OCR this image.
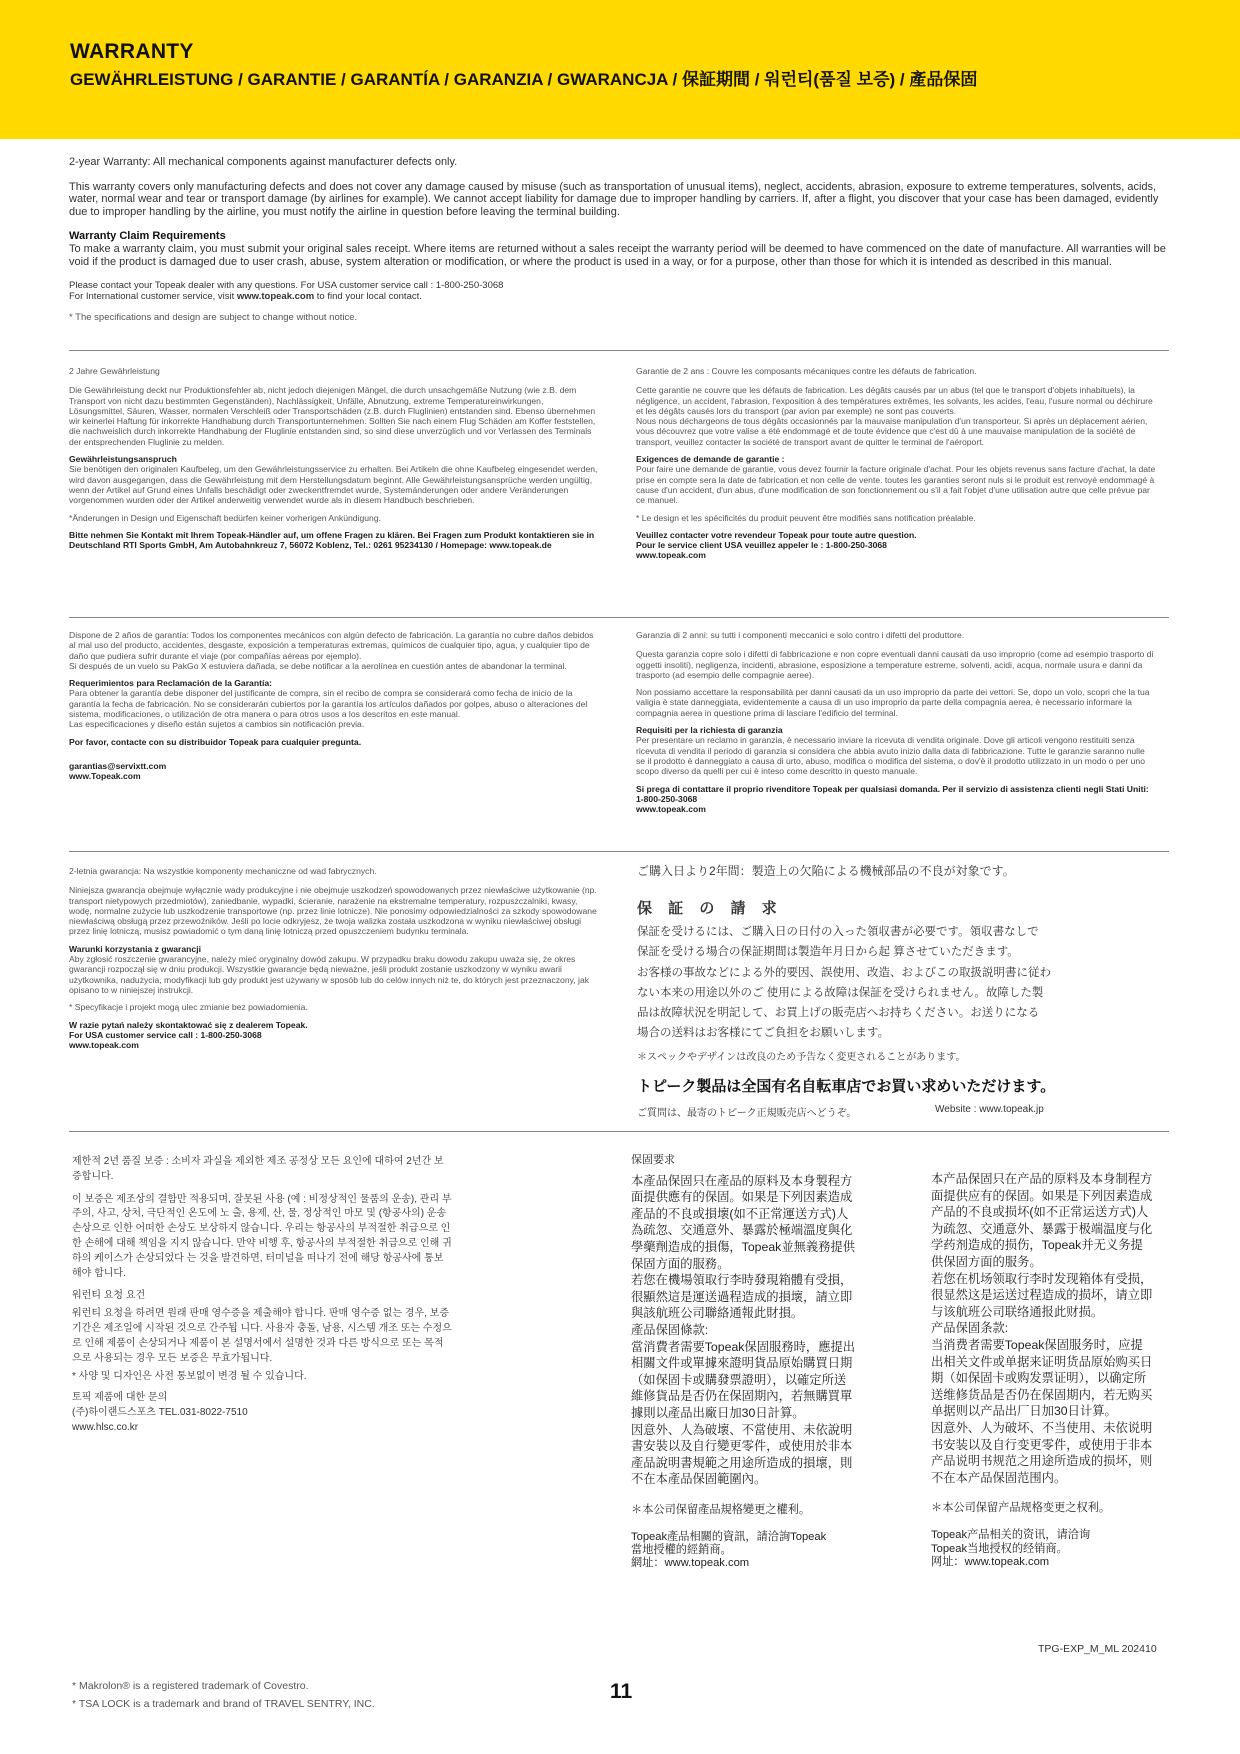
WARRANTY
GEWÄHRLEISTUNG / GARANTIE / GARANTÍA / GARANZIA / GWARANCJA / 保証期間 / 워런티(품질 보증) / 產品保固

2-year Warranty: All mechanical components against manufacturer defects only.

This warranty covers only manufacturing defects and does not cover any damage caused by misuse (such as transportation of unusual items), neglect, accidents, abrasion, exposure to extreme temperatures, solvents, acids, water, normal wear and tear or transport damage (by airlines for example). We cannot accept liability for damage due to improper handling by carriers. If, after a flight, you discover that your case has been damaged, evidently due to improper handling by the airline, you must notify the airline in question before leaving the terminal building.

Warranty Claim Requirements

To make a warranty claim, you must submit your original sales receipt. Where items are returned without a sales receipt the warranty period will be deemed to have commenced on the date of manufacture. All warranties will be void if the product is damaged due to user crash, abuse, system alteration or modification, or where the product is used in a way, or for a purpose, other than those for which it is intended as described in this manual.

Please contact your Topeak dealer with any questions. For USA customer service call : 1-800-250-3068

For International customer service, visit www.topeak.com to find your local contact.

* The specifications and design are subject to change without notice.

2 Jahre Gewährleistung

Die Gewährleistung deckt nur Produktionsfehler ab, nicht jedoch diejenigen Mängel, die durch unsachgemäße Nutzung (wie z.B. dem Transport von nicht dazu bestimmten Gegenständen), Nachlässigkeit, Unfälle, Abnutzung, extreme Temperatureinwirkungen, Lösungsmittel, Säuren, Wasser, normalen Verschleiß oder Transportschäden (z.B. durch Fluglinien) entstanden sind. Ebenso übernehmen wir keinerlei Haftung für inkorrekte Handhabung durch Transportunternehmen. Sollten Sie nach einem Flug Schäden am Koffer feststellen, die nachweislich durch inkorrekte Handhabung der Fluglinie entstanden sind, so sind diese unverzüglich und vor Verlassen des Terminals der entsprechenden Fluglinie zu melden.

Gewährleistungsanspruch

Sie benötigen den originalen Kaufbeleg, um den Gewährleistungsservice zu erhalten. Bei Artikeln die ohne Kaufbeleg eingesendet werden, wird davon ausgegangen, dass die Gewährleistung mit dem Herstellungsdatum beginnt. Alle Gewährleistungsansprüche werden ungültig, wenn der Artikel auf Grund eines Unfalls beschädigt oder zweckentfremdet wurde, Systemänderungen oder andere Veränderungen vorgenommen wurden oder der Artikel anderweitig verwendet wurde als in diesem Handbuch beschrieben.

*Änderungen in Design und Eigenschaft bedürfen keiner vorherigen Ankündigung.

Bitte nehmen Sie Kontakt mit Ihrem Topeak-Händler auf, um offene Fragen zu klären. Bei Fragen zum Produkt kontaktieren sie in Deutschland RTI Sports GmbH, Am Autobahnkreuz 7, 56072 Koblenz, Tel.: 0261 95234130 / Homepage: www.topeak.de

Garantie de 2 ans : Couvre les composants mécaniques contre les défauts de fabrication.

Cette garantie ne couvre que les défauts de fabrication. Les dégâts causés par un abus (tel que le transport d'objets inhabituels), la négligence, un accident, l'abrasion, l'exposition à des températures extrêmes, les solvants, les acides, l'eau, l'usure normal ou déchirure et les dégâts causés lors du transport (par avion par exemple) ne sont pas couverts.

Nous nous déchargeons de tous dégâts occasionnés par la mauvaise manipulation d'un transporteur. Si après un déplacement aérien, vous découvrez que votre valise a été endommagé et de toute évidence que c'est dû à une mauvaise manipulation de la société de transport, veuillez contacter la société de transport avant de quitter le terminal de l'aéroport.

Exigences de demande de garantie :

Pour faire une demande de garantie, vous devez fournir la facture originale d'achat. Pour les objets revenus sans facture d'achat, la date prise en compte sera la date de fabrication et non celle de vente. toutes les garanties seront nuls si le produit est renvoyé endommagé à cause d'un accident, d'un abus, d'une modification de son fonctionnement ou s'il a fait l'objet d'une utilisation autre que celle prévue par ce manuel.

* Le design et les spécificités du produit peuvent être modifiés sans notification préalable.

Veuillez contacter votre revendeur Topeak pour toute autre question.
Pour le service client USA veuillez appeler le : 1-800-250-3068
www.topeak.com

Dispone de 2 años de garantía: Todos los componentes mecánicos con algún defecto de fabricación. La garantía no cubre daños debidos al mal uso del producto, accidentes, desgaste, exposición a temperaturas extremas, químicos de cualquier tipo, agua, y cualquier tipo de daño que pudiera sufrir durante el viaje (por compañías aéreas por ejemplo).

Si después de un vuelo su PakGo X estuviera dañada, se debe notificar a la aerolínea en cuestión antes de abandonar la terminal.

Requerimientos para Reclamación de la Garantía:

Para obtener la garantía debe disponer del justificante de compra, sin el recibo de compra se considerará como fecha de inicio de la garantía la fecha de fabricación. No se considerarán cubiertos por la garantía los artículos dañados por golpes, abuso o alteraciones del sistema, modificaciones, o utilización de otra manera o para otros usos a los descritos en este manual.

Las especificaciones y diseño están sujetos a cambios sin notificación previa.

Por favor, contacte con su distribuidor Topeak para cualquier pregunta.

garantias@servixtt.com

www.Topeak.com

Garanzia di 2 anni: su tutti i componenti meccanici e solo contro i difetti del produttore.

Questa garanzia copre solo i difetti di fabbricazione e non copre eventuali danni causati da uso improprio (come ad esempio trasporto di oggetti insoliti), negligenza, incidenti, abrasione, esposizione a temperature estreme, solventi, acidi, acqua, normale usura e danni da trasporto (ad esempio delle compagnie aeree).

Non possiamo accettare la responsabilità per danni causati da un uso improprio da parte dei vettori. Se, dopo un volo, scopri che la tua valigia è state danneggiata, evidentemente a causa di un uso improprio da parte della compagnia aerea, è necessario informare la compagnia aerea in questione prima di lasciare l'edificio del terminal.

Requisiti per la richiesta di garanzia

Per presentare un reclamo in garanzia, è necessario inviare la ricevuta di vendita originale. Dove gli articoli vengono restituiti senza ricevuta di vendita il periodo di garanzia si considera che abbia avuto inizio dalla data di fabbricazione. Tutte le garanzie saranno nulle se il prodotto è danneggiato a causa di urto, abuso, modifica o modifica del sistema, o dov'è il prodotto utilizzato in un modo o per uno scopo diverso da quelli per cui è inteso come descritto in questo manuale.

Si prega di contattare il proprio rivenditore Topeak per qualsiasi domanda. Per il servizio di assistenza clienti negli Stati Uniti: 1-800-250-3068
www.topeak.com

2-letnia gwarancja: Na wszystkie komponenty mechaniczne od wad fabrycznych.

Niniejsza gwarancja obejmuje wyłącznie wady produkcyjne i nie obejmuje uszkodzeń spowodowanych przez niewłaściwe użytkowanie (np. transport nietypowych przedmiotów), zaniedbanie, wypadki, ścieranie, narażenie na ekstremalne temperatury, rozpuszczalniki, kwasy, wodę, normalne zużycie lub uszkodzenie transportowe (np. przez linie lotnicze). Nie ponosimy odpowiedzialności za szkody spowodowane niewłaściwą obsługą przez przewoźników. Jeśli po locie odkryjesz, że twoja walizka została uszkodzona w wyniku niewłaściwej obsługi przez linię lotniczą, musisz powiadomić o tym daną linię lotniczą przed opuszczeniem budynku terminala.

Warunki korzystania z gwarancji

Aby zgłosić roszczenie gwarancyjne, należy mieć oryginalny dowód zakupu. W przypadku braku dowodu zakupu uważa się, że okres gwarancji rozpoczął się w dniu produkcji. Wszystkie gwarancje będą nieważne, jeśli produkt zostanie uszkodzony w wyniku awarii użytkownika, nadużycia, modyfikacji lub gdy produkt jest używany w sposób lub do celów innych niż te, do których jest przeznaczony, jak opisano to w niniejszej instrukcji.

* Specyfikacje i projekt mogą ulec zmianie bez powiadomienia.

W razie pytań należy skontaktować się z dealerem Topeak.
For USA customer service call : 1-800-250-3068
www.topeak.com

ご購入日より2年間：製造上の欠陥による機械部品の不良が対象です。
保 証 の 請 求
保証を受けるには、ご購入日の日付の入った領収書が必要です。領収書なしで
保証を受ける場合の保証期間は製造年月日から起 算させていただきます。
お客様の事故などによる外的要因、誤使用、改造、およびこの取扱説明書に従わ
ない本来の用途以外のご 使用による故障は保証を受けられません。故障した製
品は故障状況を明記して、お買上げの販売店へお持ちください。お送りになる
場合の送料はお客様にてご負担をお願いします。
＊スペックやデザインは改良のため予告なく変更されることがあります。
トピーク製品は全国有名自転車店でお買い求めいただけます。
ご質問は、最寄のトピーク正規販売店へどうぞ。	Website : www.topeak.jp

제한적 2년 품질 보증 : 소비자 과실을 제외한 제조 공정상 모든 요인에 대하여 2년간 보증합니다.

이 보증은 제조상의 결함만 적용되며, 잘못된 사용 (예 : 비정상적인 물품의 운송), 관리 부주의, 사고, 상처, 극단적인 온도에 노 출, 용제, 산, 물, 정상적인 마모 및 (항공사의) 운송 손상으로 인한 어떠한 손상도 보상하지 않습니다. 우리는 항공사의 부적절한 취급으로 인한 손해에 대해 책임을 지지 않습니다. 만약 비행 후, 항공사의 부적절한 취급으로 인해 귀하의 케이스가 손상되었다 는 것을 발견하면, 터미널을 떠나기 전에 해당 항공사에 통보해야 합니다.

워런티 요청 요건

워런티 요청을 하려면 원래 판매 영수증을 제출해야 합니다. 판매 영수증 없는 경우, 보증 기간은 제조일에 시작된 것으로 간주됩 니다. 사용자 충돌, 남용, 시스템 개조 또는 수정으로 인해 제품이 손상되거나 제품이 본 설명서에서 설명한 것과 다른 방식으로 또는 목적으로 사용되는 경우 모든 보증은 무효가됩니다.

* 사양 및 디자인은 사전 통보없이 변경 될 수 있습니다.

토픽 제품에 대한 문의

(주)하이랜드스포츠 TEL.031-8022-7510

www.hlsc.co.kr

保固要求

本產品保固只在產品的原料及本身製程方

面提供應有的保固。如果是下列因素造成

產品的不良或損壞(如不正常運送方式)人

為疏忽、交通意外、暴露於極端溫度與化

學藥劑造成的損傷，Topeak並無義務提供

保固方面的服務。

若您在機場領取行李時發現箱體有受損，

很顯然這是運送過程造成的損壞，請立即

與該航班公司聯絡通報此財損。

產品保固條款:

當消費者需要Topeak保固服務時，應提出

相關文件或單據來證明貨品原始購買日期

（如保固卡或購發票證明），以確定所送

維修貨品是否仍在保固期內，若無購買單

據則以產品出廠日加30日計算。

因意外、人為破壞、不當使用、未依說明

書安裝以及自行變更零件，或使用於非本

產品說明書規範之用途所造成的損壞，則

不在本產品保固範圍內。

＊本公司保留產品規格變更之權利。

Topeak產品相關的資訊，請洽詢Topeak

當地授權的經銷商。

網址：www.topeak.com

本产品保固只在产品的原料及本身制程方

面提供应有的保固。如果是下列因素造成

产品的不良或损坏(如不正常运送方式)人

为疏忽、交通意外、暴露于极端温度与化

学药剂造成的损伤，Topeak并无义务提

供保固方面的服务。

若您在机场领取行李时发现箱体有受损，

很显然这是运送过程造成的损坏，请立即

与该航班公司联络通报此财损。

产品保固条款:

当消费者需要Topeak保固服务时，应提

出相关文件或单据来证明货品原始购买日

期（如保固卡或购发票证明），以确定所

送维修货品是否仍在保固期内，若无购买

单据则以产品出厂日加30日计算。

因意外、人为破坏、不当使用、未依说明

书安装以及自行变更零件，或使用于非本

产品说明书规范之用途所造成的损坏，则

不在本产品保固范围内。

＊本公司保留产品规格变更之权利。

Topeak产品相关的资讯，请洽询

Topeak当地授权的经销商。

网址：www.topeak.com

TPG-EXP_M_ML 202410
* Makrolon® is a registered trademark of Covestro.
* TSA LOCK is a trademark and brand of TRAVEL SENTRY, INC.
11
